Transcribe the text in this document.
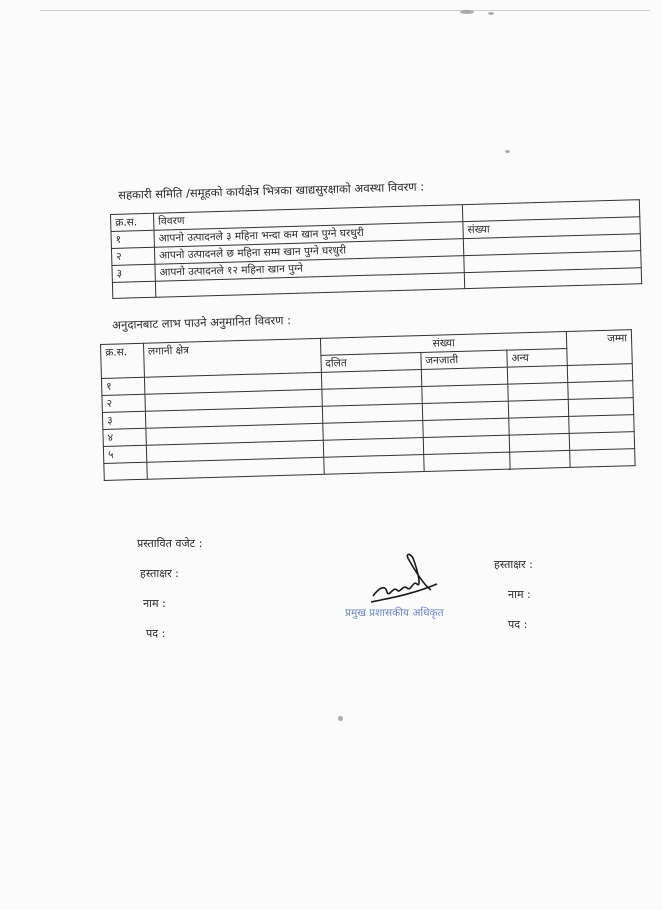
सहकारी समिति /समूहको कार्यक्षेत्र भित्रका खाद्यसुरक्षाको अवस्था विवरण :
क्र.स.	विवरण	
१	आपनो उत्पादनले ३ महिना भन्दा कम खान पुग्ने घरधुरी	संख्या
२	आपनो उत्पादनले छ महिना सम्म खान पुग्ने घरधुरी	
३	आपनो उत्पादनले १२ महिना खान पुग्ने	

अनुदानबाट लाभ पाउने अनुमानित विवरण :
क्र.स.	लगानी क्षेत्र	संख्या			जम्मा
		दलित	जनजाती	अन्य	
१					
२					
३					
४					
५					

प्रस्तावित वजेट :
हस्ताक्षर :
नाम :
पद :
हस्ताक्षर :
नाम :
पद :
प्रमुख प्रशासकीय अधिकृत
